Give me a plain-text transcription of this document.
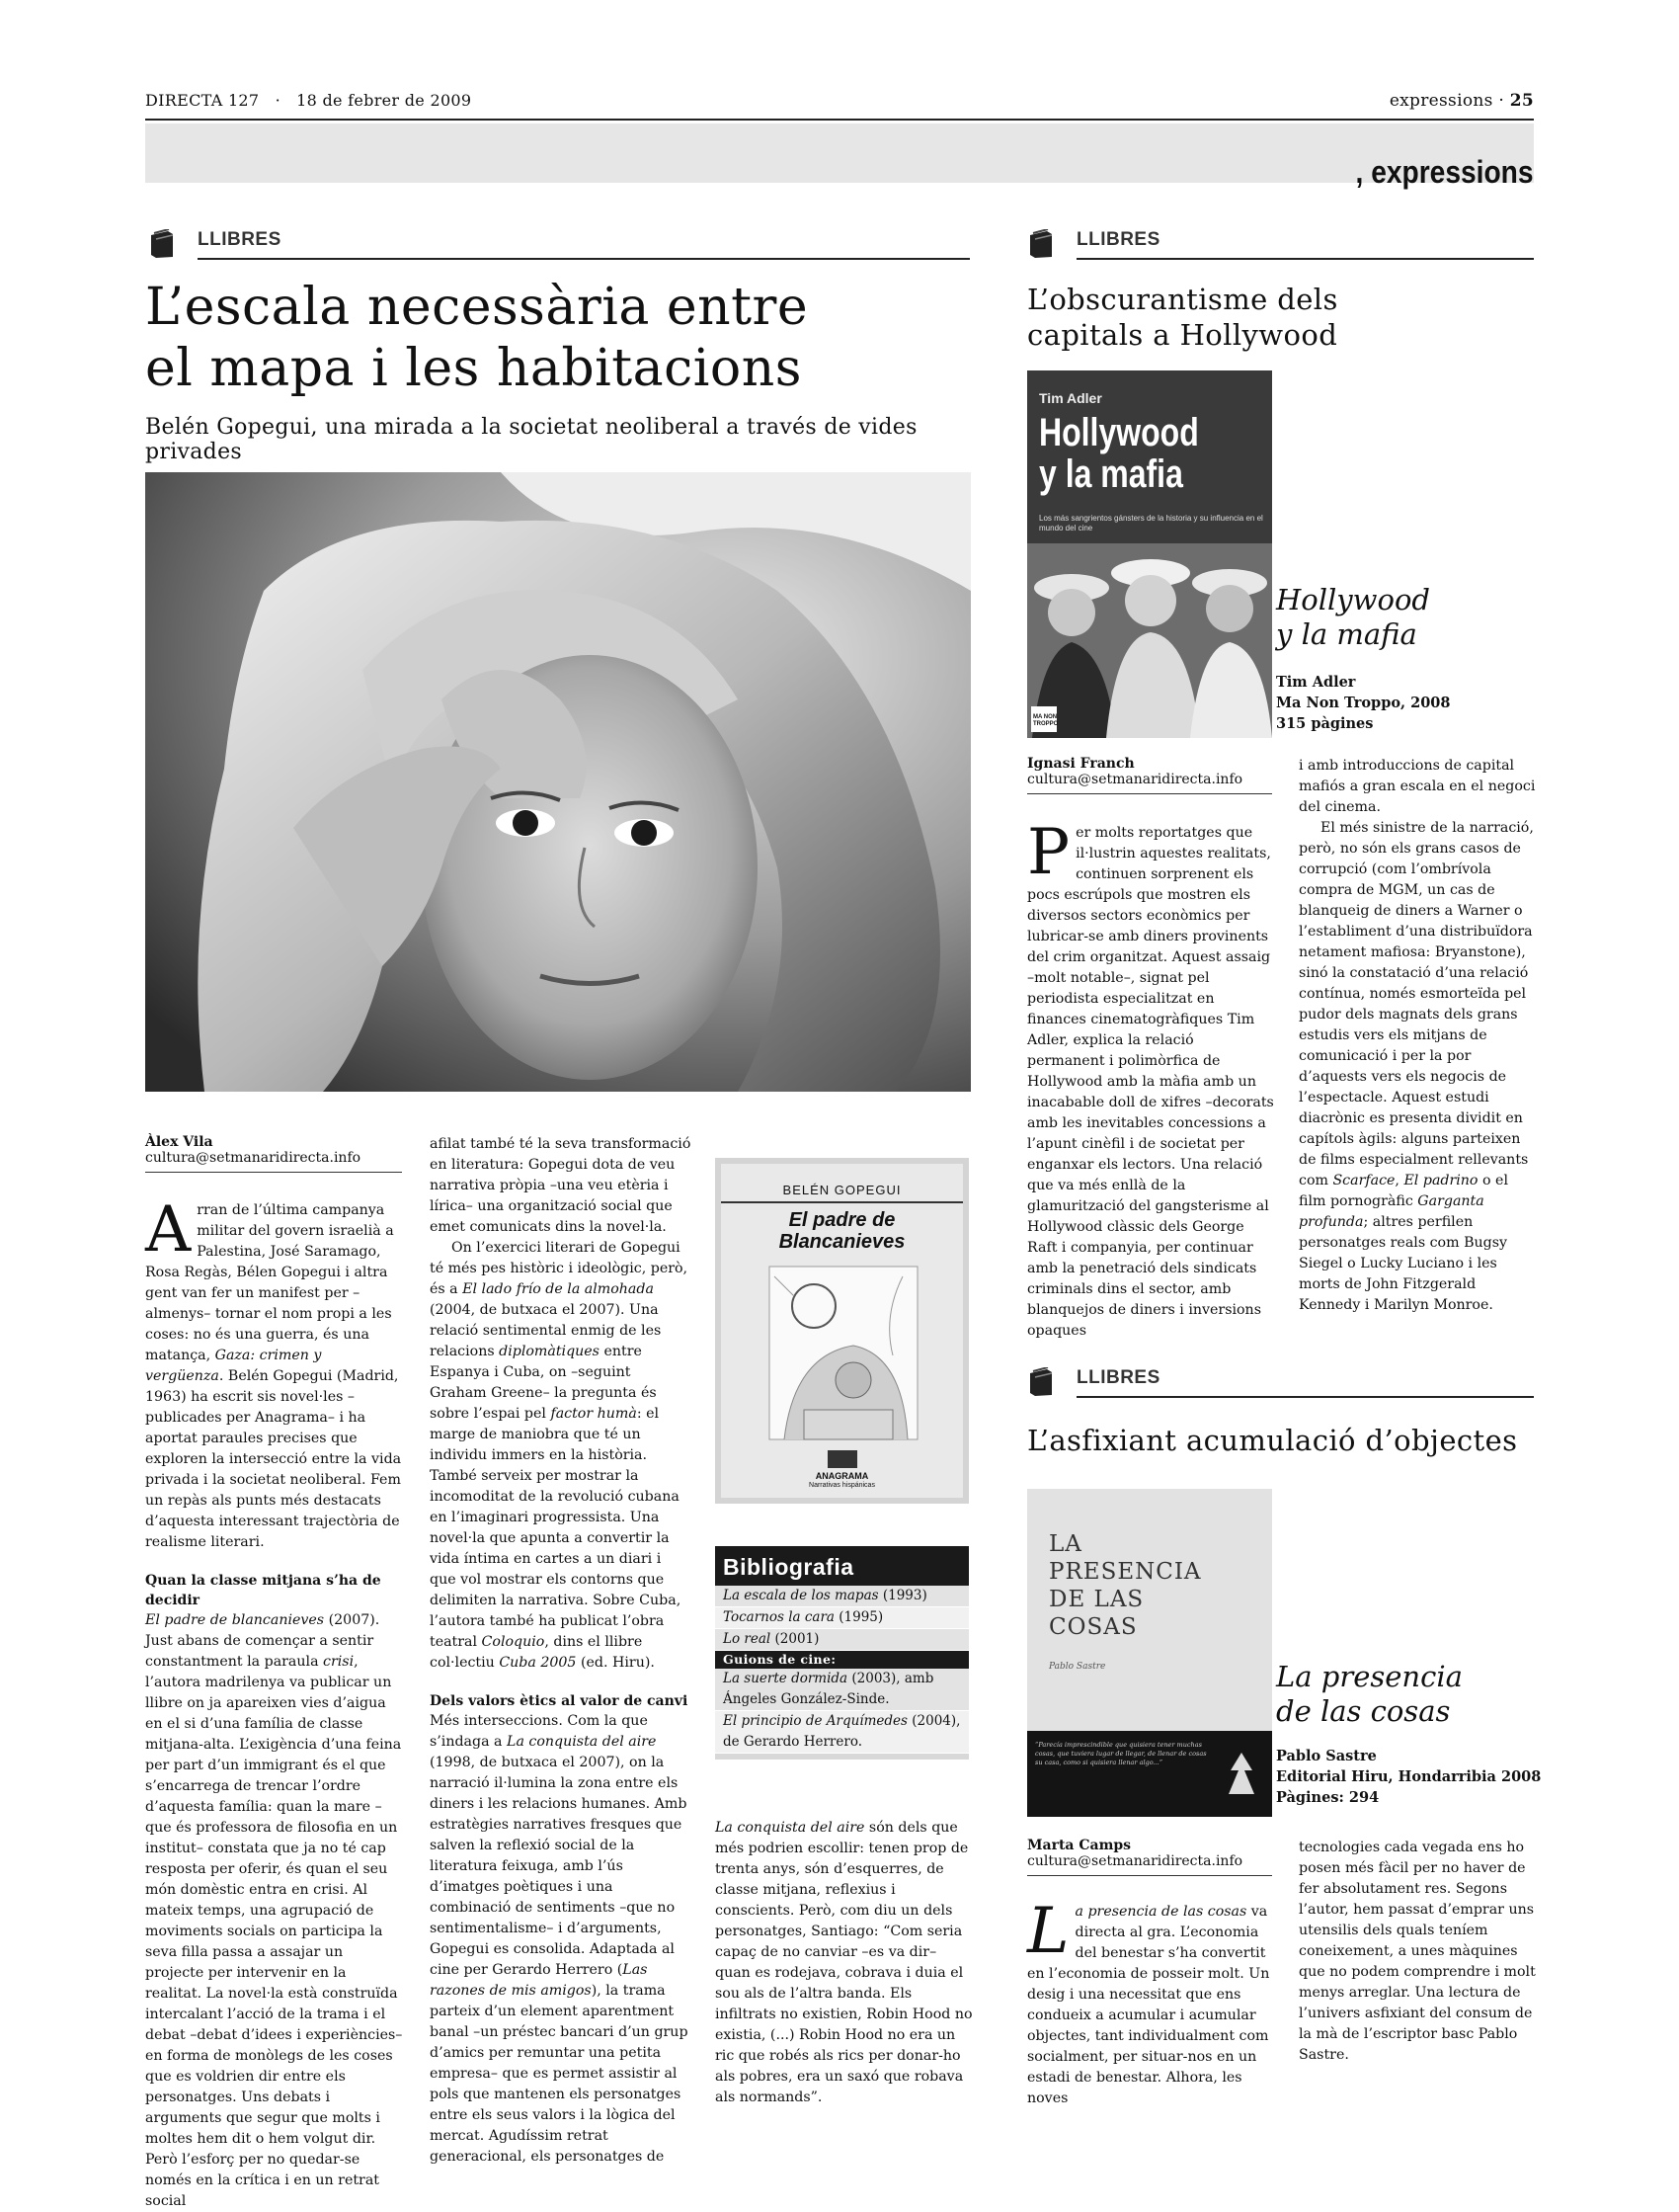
DIRECTA 127 · 18 de febrer de 2009	expressions · 25
, expressions
LLIBRES
L’escala necessària entre
el mapa i les habitacions
Belén Gopegui, una mirada a la societat neoliberal a través de vides privades
Àlex Vila
cultura@setmanaridirecta.info

Arran de l’última campanya militar del govern israelià a Palestina, José Saramago, Rosa Regàs, Bélen Gopegui i altra gent van fer un manifest per –almenys– tornar el nom propi a les coses: no és una guerra, és una matança, Gaza: crimen y vergüenza. Belén Gopegui (Madrid, 1963) ha escrit sis novel·les –publicades per Anagrama– i ha aportat paraules precises que exploren la intersecció entre la vida privada i la societat neoliberal. Fem un repàs als punts més destacats d’aquesta interessant trajectòria de realisme literari.

Quan la classe mitjana s’ha de decidir

El padre de blancanieves (2007). Just abans de començar a sentir constantment la paraula crisi, l’autora madrilenya va publicar un llibre on ja apareixen vies d’aigua en el si d’una família de classe mitjana-alta. L’exigència d’una feina per part d’un immigrant és el que s’encarrega de trencar l’ordre d’aquesta família: quan la mare –que és professora de filosofia en un institut– constata que ja no té cap resposta per oferir, és quan el seu món domèstic entra en crisi. Al mateix temps, una agrupació de moviments socials on participa la seva filla passa a assajar un projecte per intervenir en la realitat. La novel·la està construïda intercalant l’acció de la trama i el debat –debat d’idees i experiències– en forma de monòlegs de les coses que es voldrien dir entre els personatges. Uns debats i arguments que segur que molts i moltes hem dit o hem volgut dir. Però l’esforç per no quedar-se només en la crítica i en un retrat social

afilat també té la seva transformació en literatura: Gopegui dota de veu narrativa pròpia –una veu etèria i lírica– una organització social que emet comunicats dins la novel·la.

On l’exercici literari de Gopegui té més pes històric i ideològic, però, és a El lado frío de la almohada (2004, de butxaca el 2007). Una relació sentimental enmig de les relacions diplomàtiques entre Espanya i Cuba, on –seguint Graham Greene– la pregunta és sobre l’espai pel factor humà: el marge de maniobra que té un individu immers en la història. També serveix per mostrar la incomoditat de la revolució cubana en l’imaginari progressista. Una novel·la que apunta a convertir la vida íntima en cartes a un diari i que vol mostrar els contorns que delimiten la narrativa. Sobre Cuba, l’autora també ha publicat l’obra teatral Coloquio, dins el llibre col·lectiu Cuba 2005 (ed. Hiru).

Dels valors ètics al valor de canvi

Més interseccions. Com la que s’indaga a La conquista del aire (1998, de butxaca el 2007), on la narració il·lumina la zona entre els diners i les relacions humanes. Amb estratègies narratives fresques que salven la reflexió social de la literatura feixuga, amb l’ús d’imatges poètiques i una combinació de sentiments –que no sentimentalisme– i d’arguments, Gopegui es consolida. Adaptada al cine per Gerardo Herrero (Las razones de mis amigos), la trama parteix d’un element aparentment banal –un préstec bancari d’un grup d’amics per remuntar una petita empresa– que es permet assistir al pols que mantenen els personatges entre els seus valors i la lògica del mercat. Agudíssim retrat generacional, els personatges de

BELÉN GOPEGUI
El padre de
Blancanieves
ANAGRAMA
Narrativas hispánicas
Bibliografia
La escala de los mapas (1993)
Tocarnos la cara (1995)
Lo real (2001)
Guions de cine:
La suerte dormida (2003), amb Ángeles González-Sinde.
El principio de Arquímedes (2004), de Gerardo Herrero.

La conquista del aire són dels que més podrien escollir: tenen prop de trenta anys, són d’esquerres, de classe mitjana, reflexius i conscients. Però, com diu un dels personatges, Santiago: “Com seria capaç de no canviar –es va dir– quan es rodejava, cobrava i duia el sou als de l’altra banda. Els infiltrats no existien, Robin Hood no existia, (...) Robin Hood no era un ric que robés als rics per donar-ho als pobres, era un saxó que robava als normands”.

LLIBRES
L’obscurantisme dels
capitals a Hollywood
Tim Adler
Hollywood
y la mafia
Los más sangrientos gánsters de la historia y su influencia en el mundo del cine
MA NON TROPPO
Hollywood
y la mafia
Tim Adler
Ma Non Troppo, 2008
315 pàgines
Ignasi Franch
cultura@setmanaridirecta.info

Per molts reportatges que il·lustrin aquestes realitats, continuen sorprenent els pocs escrúpols que mostren els diversos sectors econòmics per lubricar-se amb diners provinents del crim organitzat. Aquest assaig –molt notable–, signat pel periodista especialitzat en finances cinematogràfiques Tim Adler, explica la relació permanent i polimòrfica de Hollywood amb la màfia amb un inacabable doll de xifres –decorats amb les inevitables concessions a l’apunt cinèfil i de societat per enganxar els lectors. Una relació que va més enllà de la glamurització del gangsterisme al Hollywood clàssic dels George Raft i companyia, per continuar amb la penetració dels sindicats criminals dins el sector, amb blanquejos de diners i inversions opaques

i amb introduccions de capital mafiós a gran escala en el negoci del cinema.

El més sinistre de la narració, però, no són els grans casos de corrupció (com l’ombrívola compra de MGM, un cas de blanqueig de diners a Warner o l’establiment d’una distribuïdora netament mafiosa: Bryanstone), sinó la constatació d’una relació contínua, només esmorteïda pel pudor dels magnats dels grans estudis vers els mitjans de comunicació i per la por d’aquests vers els negocis de l’espectacle. Aquest estudi diacrònic es presenta dividit en capítols àgils: alguns parteixen de films especialment rellevants com Scarface, El padrino o el film pornogràfic Garganta profunda; altres perfilen personatges reals com Bugsy Siegel o Lucky Luciano i les morts de John Fitzgerald Kennedy i Marilyn Monroe.

LLIBRES
L’asfixiant acumulació d’objectes
LA
PRESENCIA
DE LAS
COSAS
Pablo Sastre
“Parecía imprescindible que quisiera tener muchas cosas, que tuviera lugar de llegar, de llenar de cosas su casa, como si quisiera llenar algo...”
La presencia
de las cosas
Pablo Sastre
Editorial Hiru, Hondarribia 2008
Pàgines: 294
Marta Camps
cultura@setmanaridirecta.info

La presencia de las cosas va directa al gra. L’economia del benestar s’ha convertit en l’economia de posseir molt. Un desig i una necessitat que ens condueix a acumular i acumular objectes, tant individualment com socialment, per situar-nos en un estadi de benestar. Alhora, les noves

tecnologies cada vegada ens ho posen més fàcil per no haver de fer absolutament res. Segons l’autor, hem passat d’emprar uns utensilis dels quals teníem coneixement, a unes màquines que no podem comprendre i molt menys arreglar. Una lectura de l’univers asfixiant del consum de la mà de l’escriptor basc Pablo Sastre.
